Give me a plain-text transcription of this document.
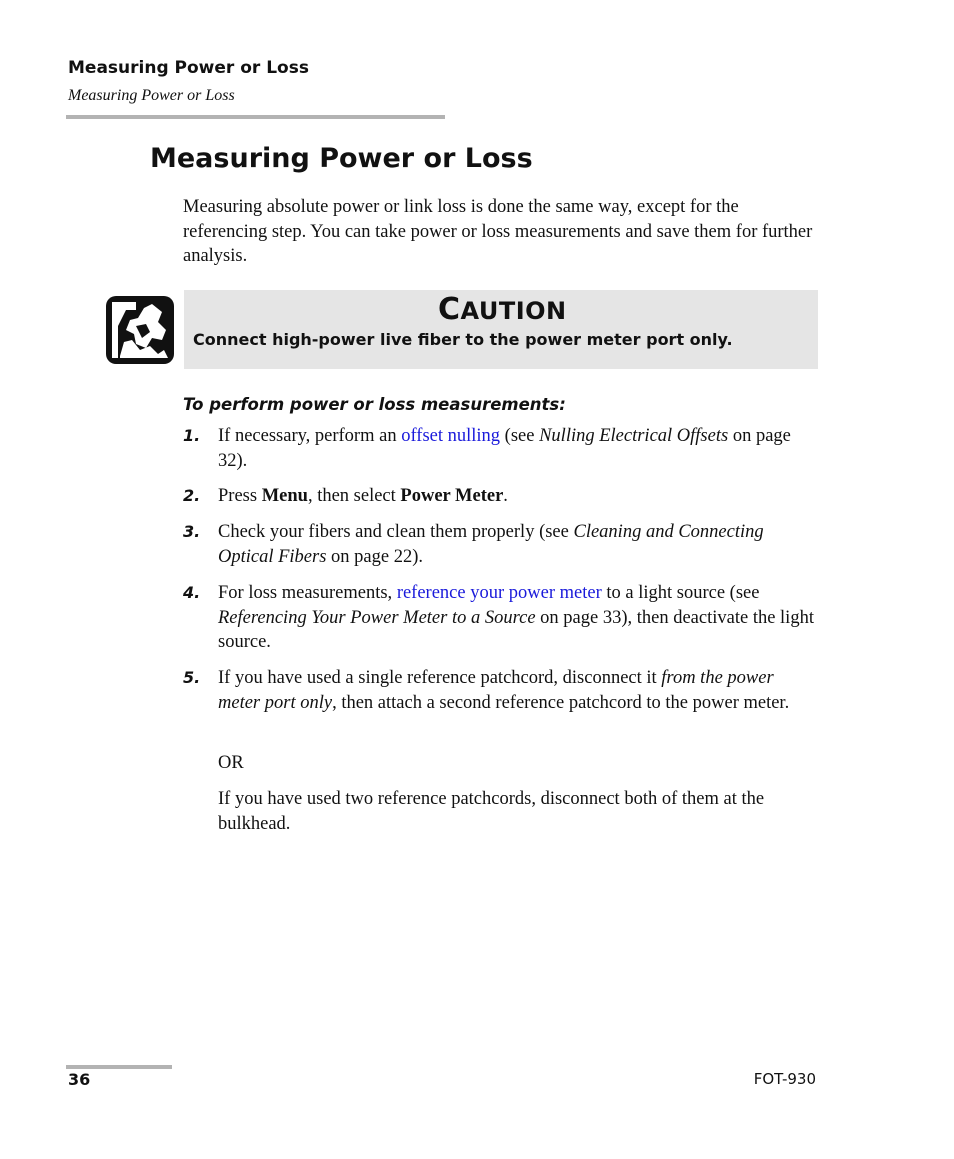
Measuring Power or Loss
Measuring Power or Loss
Measuring Power or Loss

Measuring absolute power or link loss is done the same way, except for the referencing step. You can take power or loss measurements and save them for further analysis.

CAUTION
Connect high-power live fiber to the power meter port only.
To perform power or loss measurements:
1. If necessary, perform an offset nulling (see Nulling Electrical Offsets on page 32).
2. Press Menu, then select Power Meter.
3. Check your fibers and clean them properly (see Cleaning and Connecting Optical Fibers on page 22).
4. For loss measurements, reference your power meter to a light source (see Referencing Your Power Meter to a Source on page 33), then deactivate the light source.
5. If you have used a single reference patchcord, disconnect it from the power meter port only, then attach a second reference patchcord to the power meter.
OR
If you have used two reference patchcords, disconnect both of them at the bulkhead.
36	FOT-930
